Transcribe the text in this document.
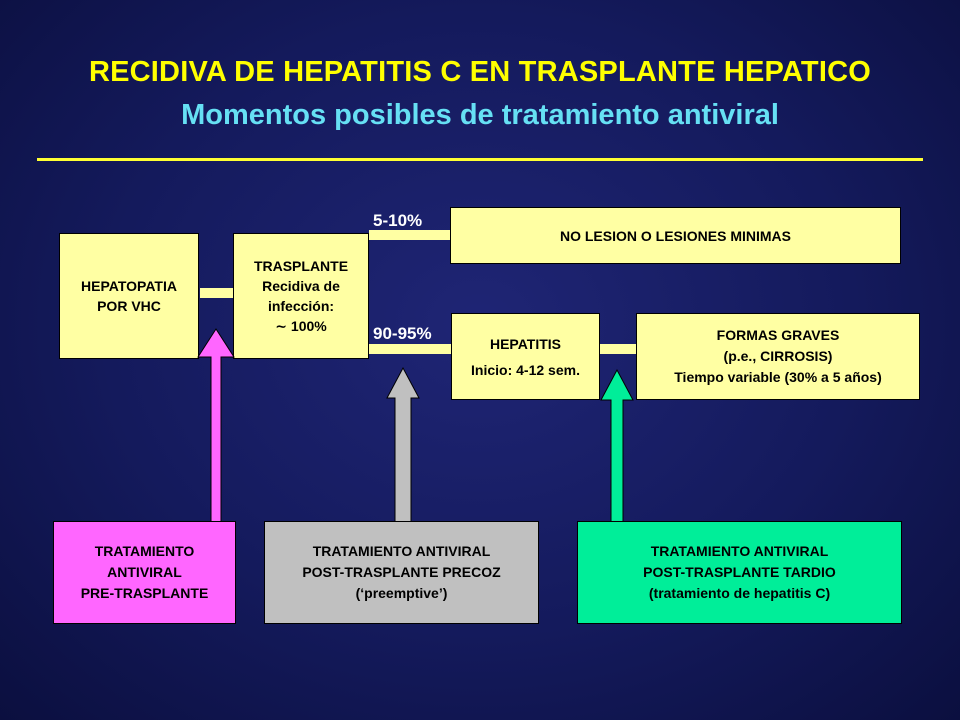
RECIDIVA DE HEPATITIS C EN TRASPLANTE HEPATICO
Momentos posibles de tratamiento antiviral
HEPATOPATIA
POR VHC
TRASPLANTE
Recidiva de
infección:
∼ 100%
5-10%
90-95%
NO LESION O LESIONES MINIMAS
HEPATITIS
Inicio: 4-12 sem.
FORMAS GRAVES
(p.e., CIRROSIS)
Tiempo variable (30% a 5 años)
TRATAMIENTO
ANTIVIRAL
PRE-TRASPLANTE
TRATAMIENTO ANTIVIRAL
POST-TRASPLANTE PRECOZ
(‘preemptive’)
TRATAMIENTO ANTIVIRAL
POST-TRASPLANTE TARDIO
(tratamiento de hepatitis C)
